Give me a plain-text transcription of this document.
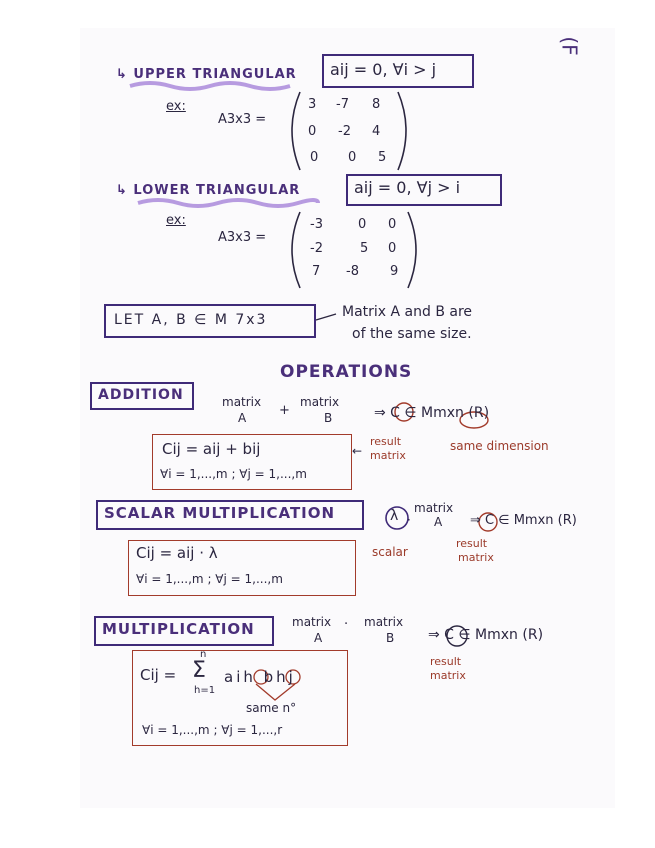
(F
↳ UPPER TRIANGULAR aij = 0, ∀i > j
ex:
A3x3 =
3 -7 8
0 -2 4
0 0 5
↳ LOWER TRIANGULAR	aij = 0, ∀j > i
ex:
A3x3 =
-3	0 0
-2	5 0
7 -8 9
LET A, B ∈ M 7x3	Matrix A and B are
of the same size.
OPERATIONS
ADDITION	matrix
A	+
matrix
B	⇒ C ∈ Mmxn (R)
Cij = aij + bij
∀i = 1,...,m ; ∀j = 1,...,m
←
result
matrix
same dimension
SCALAR MULTIPLICATION	λ matrix
A
·	⇒ C ∈ Mmxn (R)
Cij = aij · λ
∀i = 1,...,m ; ∀j = 1,...,m
scalar
result
matrix
MULTIPLICATION	matrix
A
· matrix
B ⇒ C ∈ Mmxn (R)
result
matrix
Cij =
n
Σ
h=1
aih bhj
same n°
∀i = 1,...,m ; ∀j = 1,...,r
